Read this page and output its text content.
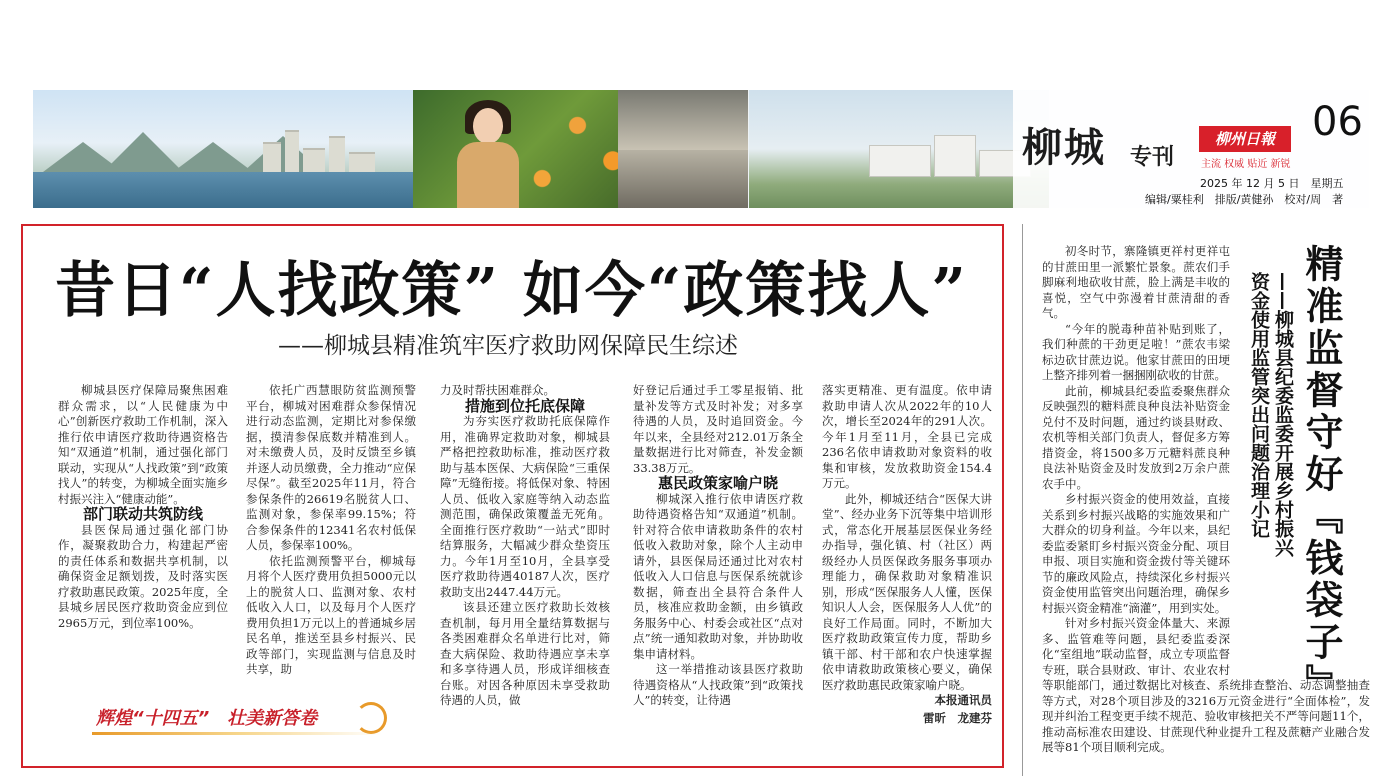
柳城 专刊
柳州日報
主流 权威 贴近 新锐
06
2025 年 12 月 5 日　星期五
编辑/粟桂利　排版/黄健孙　校对/周　著
昔日“人找政策” 如今“政策找人”
——柳城县精准筑牢医疗救助网保障民生综述

柳城县医疗保障局聚焦困难群众需求，以“人民健康为中心”创新医疗救助工作机制，深入推行依申请医疗救助待遇资格告知“双通道”机制，通过强化部门联动，实现从“人找政策”到“政策找人”的转变，为柳城全面实施乡村振兴注入“健康动能”。

部门联动共筑防线

县医保局通过强化部门协作，凝聚救助合力，构建起严密的责任体系和数据共享机制，以确保资金足额划拨，及时落实医疗救助惠民政策。2025年度，全县城乡居民医疗救助资金应到位2965万元，到位率100%。

依托广西慧眼防贫监测预警平台，柳城对困难群众参保情况进行动态监测，定期比对参保缴据，摸清参保底数并精准到人。对未缴费人员，及时反馈至乡镇并逐人动员缴费，全力推动“应保尽保”。截至2025年11月，符合参保条件的26619名脱贫人口、监测对象，参保率99.15%；符合参保条件的12341名农村低保人员，参保率100%。

依托监测预警平台，柳城每月将个人医疗费用负担5000元以上的脱贫人口、监测对象、农村低收入人口，以及每月个人医疗费用负担1万元以上的普通城乡居民名单，推送至县乡村振兴、民政等部门，实现监测与信息及时共享，助

力及时帮扶困难群众。

措施到位托底保障

为夯实医疗救助托底保障作用，准确界定救助对象，柳城县严格把控救助标准，推动医疗救助与基本医保、大病保险“三重保障”无缝衔接。将低保对象、特困人员、低收入家庭等纳入动态监测范围，确保政策覆盖无死角。全面推行医疗救助“一站式”即时结算服务，大幅减少群众垫资压力。今年1月至10月，全县享受医疗救助待遇40187人次，医疗救助支出2447.44万元。

该县还建立医疗救助长效核查机制，每月用全量结算数据与各类困难群众名单进行比对，筛查大病保险、救助待遇应享未享和多享待遇人员，形成详细核查台账。对因各种原因未享受救助待遇的人员，做

好登记后通过手工零星报销、批量补发等方式及时补发；对多享待遇的人员，及时追回资金。今年以来，全县经对212.01万条全量数据进行比对筛查，补发金额33.38万元。

惠民政策家喻户晓

柳城深入推行依申请医疗救助待遇资格告知“双通道”机制。针对符合依申请救助条件的农村低收入救助对象，除个人主动申请外，县医保局还通过比对农村低收入人口信息与医保系统就诊数据，筛查出全县符合条件人员，核准应救助金额，由乡镇政务服务中心、村委会或社区“点对点”统一通知救助对象，并协助收集申请材料。

这一举措推动该县医疗救助待遇资格从“人找政策”到“政策找人”的转变，让待遇

落实更精准、更有温度。依申请救助申请人次从2022年的10人次，增长至2024年的291人次。今年1月至11月，全县已完成236名依申请救助对象资料的收集和审核，发放救助资金154.4万元。

此外，柳城还结合“医保大讲堂”、经办业务下沉等集中培训形式，常态化开展基层医保业务经办指导，强化镇、村（社区）两级经办人员医保政务服务事项办理能力，确保救助对象精准识别，形成“医保服务人人懂，医保知识人人会，医保服务人人优”的良好工作局面。同时，不断加大医疗救助政策宣传力度，帮助乡镇干部、村干部和农户快速掌握依申请救助政策核心要义，确保医疗救助惠民政策家喻户晓。

本报通讯员

雷昕　龙建芬

辉煌“十四五”　壮美新答卷

初冬时节，寨隆镇更祥村更祥屯的甘蔗田里一派繁忙景象。蔗农们手脚麻利地砍收甘蔗，脸上满是丰收的喜悦，空气中弥漫着甘蔗清甜的香气。

“今年的脱毒种苗补贴到账了，我们种蔗的干劲更足啦！”蔗农韦梁标边砍甘蔗边说。他家甘蔗田的田埂上整齐排列着一捆捆刚砍收的甘蔗。

此前，柳城县纪委监委聚焦群众反映强烈的糖料蔗良种良法补贴资金兑付不及时问题，通过约谈县财政、农机等相关部门负责人，督促多方筹措资金，将1500多万元糖料蔗良种良法补贴资金及时发放到2万余户蔗农手中。

乡村振兴资金的使用效益，直接关系到乡村振兴战略的实施效果和广大群众的切身利益。今年以来，县纪委监委紧盯乡村振兴资金分配、项目申报、项目实施和资金拨付等关键环节的廉政风险点，持续深化乡村振兴资金使用监管突出问题治理，确保乡村振兴资金精准“滴灌”，用到实处。

针对乡村振兴资金体量大、来源多、监管难等问题，县纪委监委深化“室组地”联动监督，成立专项监督专班，联合县财政、审计、农业农村等职能部门，通过数据比对核查、系统排查整治、动态调整抽查等方式，对28个项目涉及的3216万元资金进行“全面体检”，发现并纠治工程变更手续不规范、验收审核把关不严等问题11个，推动高标准农田建设、甘蔗现代种业提升工程及蔗糖产业融合发展等81个项目顺利完成。

精准监督守好『钱袋子』
——柳城县纪委监委开展乡村振兴
资金使用监管突出问题治理小记
